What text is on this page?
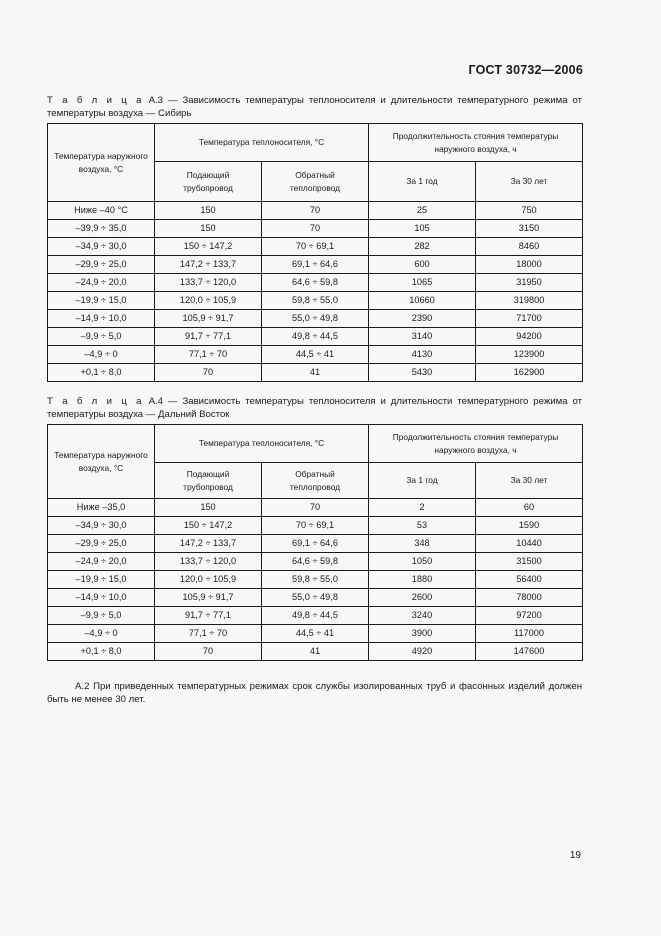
ГОСТ 30732—2006
Т а б л и ц а А.3 — Зависимость температуры теплоносителя и длительности температурного режима от температуры воздуха — Сибирь
Температура наружного воздуха, °С	Температура теплоносителя, °С		Продолжительность стояния температуры наружного воздуха, ч	
	Подающий трубопровод	Обратный теплопровод	За 1 год	За 30 лет
Ниже –40 °С	150	70	25	750
–39,9 ÷ 35,0	150	70	105	3150
–34,9 ÷ 30,0	150 ÷ 147,2	70 ÷ 69,1	282	8460
–29,9 ÷ 25,0	147,2 ÷ 133,7	69,1 ÷ 64,6	600	18000
–24,9 ÷ 20,0	133,7 ÷ 120,0	64,6 ÷ 59,8	1065	31950
–19,9 ÷ 15,0	120,0 ÷ 105,9	59,8 ÷ 55,0	10660	319800
–14,9 ÷ 10,0	105,9 ÷ 91,7	55,0 ÷ 49,8	2390	71700
–9,9 ÷ 5,0	91,7 ÷ 77,1	49,8 ÷ 44,5	3140	94200
–4,9 ÷ 0	77,1 ÷ 70	44,5 ÷ 41	4130	123900
+0,1 ÷ 8,0	70	41	5430	162900
Т а б л и ц а А.4 — Зависимость температуры теплоносителя и длительности температурного режима от температуры воздуха — Дальний Восток
Температура наружного воздуха, °С	Температура теплоносителя, °С		Продолжительность стояния температуры наружного воздуха, ч	
	Подающий трубопровод	Обратный теплопровод	За 1 год	За 30 лет
Ниже –35,0	150	70	2	60
–34,9 ÷ 30,0	150 ÷ 147,2	70 ÷ 69,1	53	1590
–29,9 ÷ 25,0	147,2 ÷ 133,7	69,1 ÷ 64,6	348	10440
–24,9 ÷ 20,0	133,7 ÷ 120,0	64,6 ÷ 59,8	1050	31500
–19,9 ÷ 15,0	120,0 ÷ 105,9	59,8 ÷ 55,0	1880	56400
–14,9 ÷ 10,0	105,9 ÷ 91,7	55,0 ÷ 49,8	2600	78000
–9,9 ÷ 5,0	91,7 ÷ 77,1	49,8 ÷ 44,5	3240	97200
–4,9 ÷ 0	77,1 ÷ 70	44,5 ÷ 41	3900	117000
+0,1 ÷ 8,0	70	41	4920	147600
А.2 При приведенных температурных режимах срок службы изолированных труб и фасонных изделий должен быть не менее 30 лет.
19
